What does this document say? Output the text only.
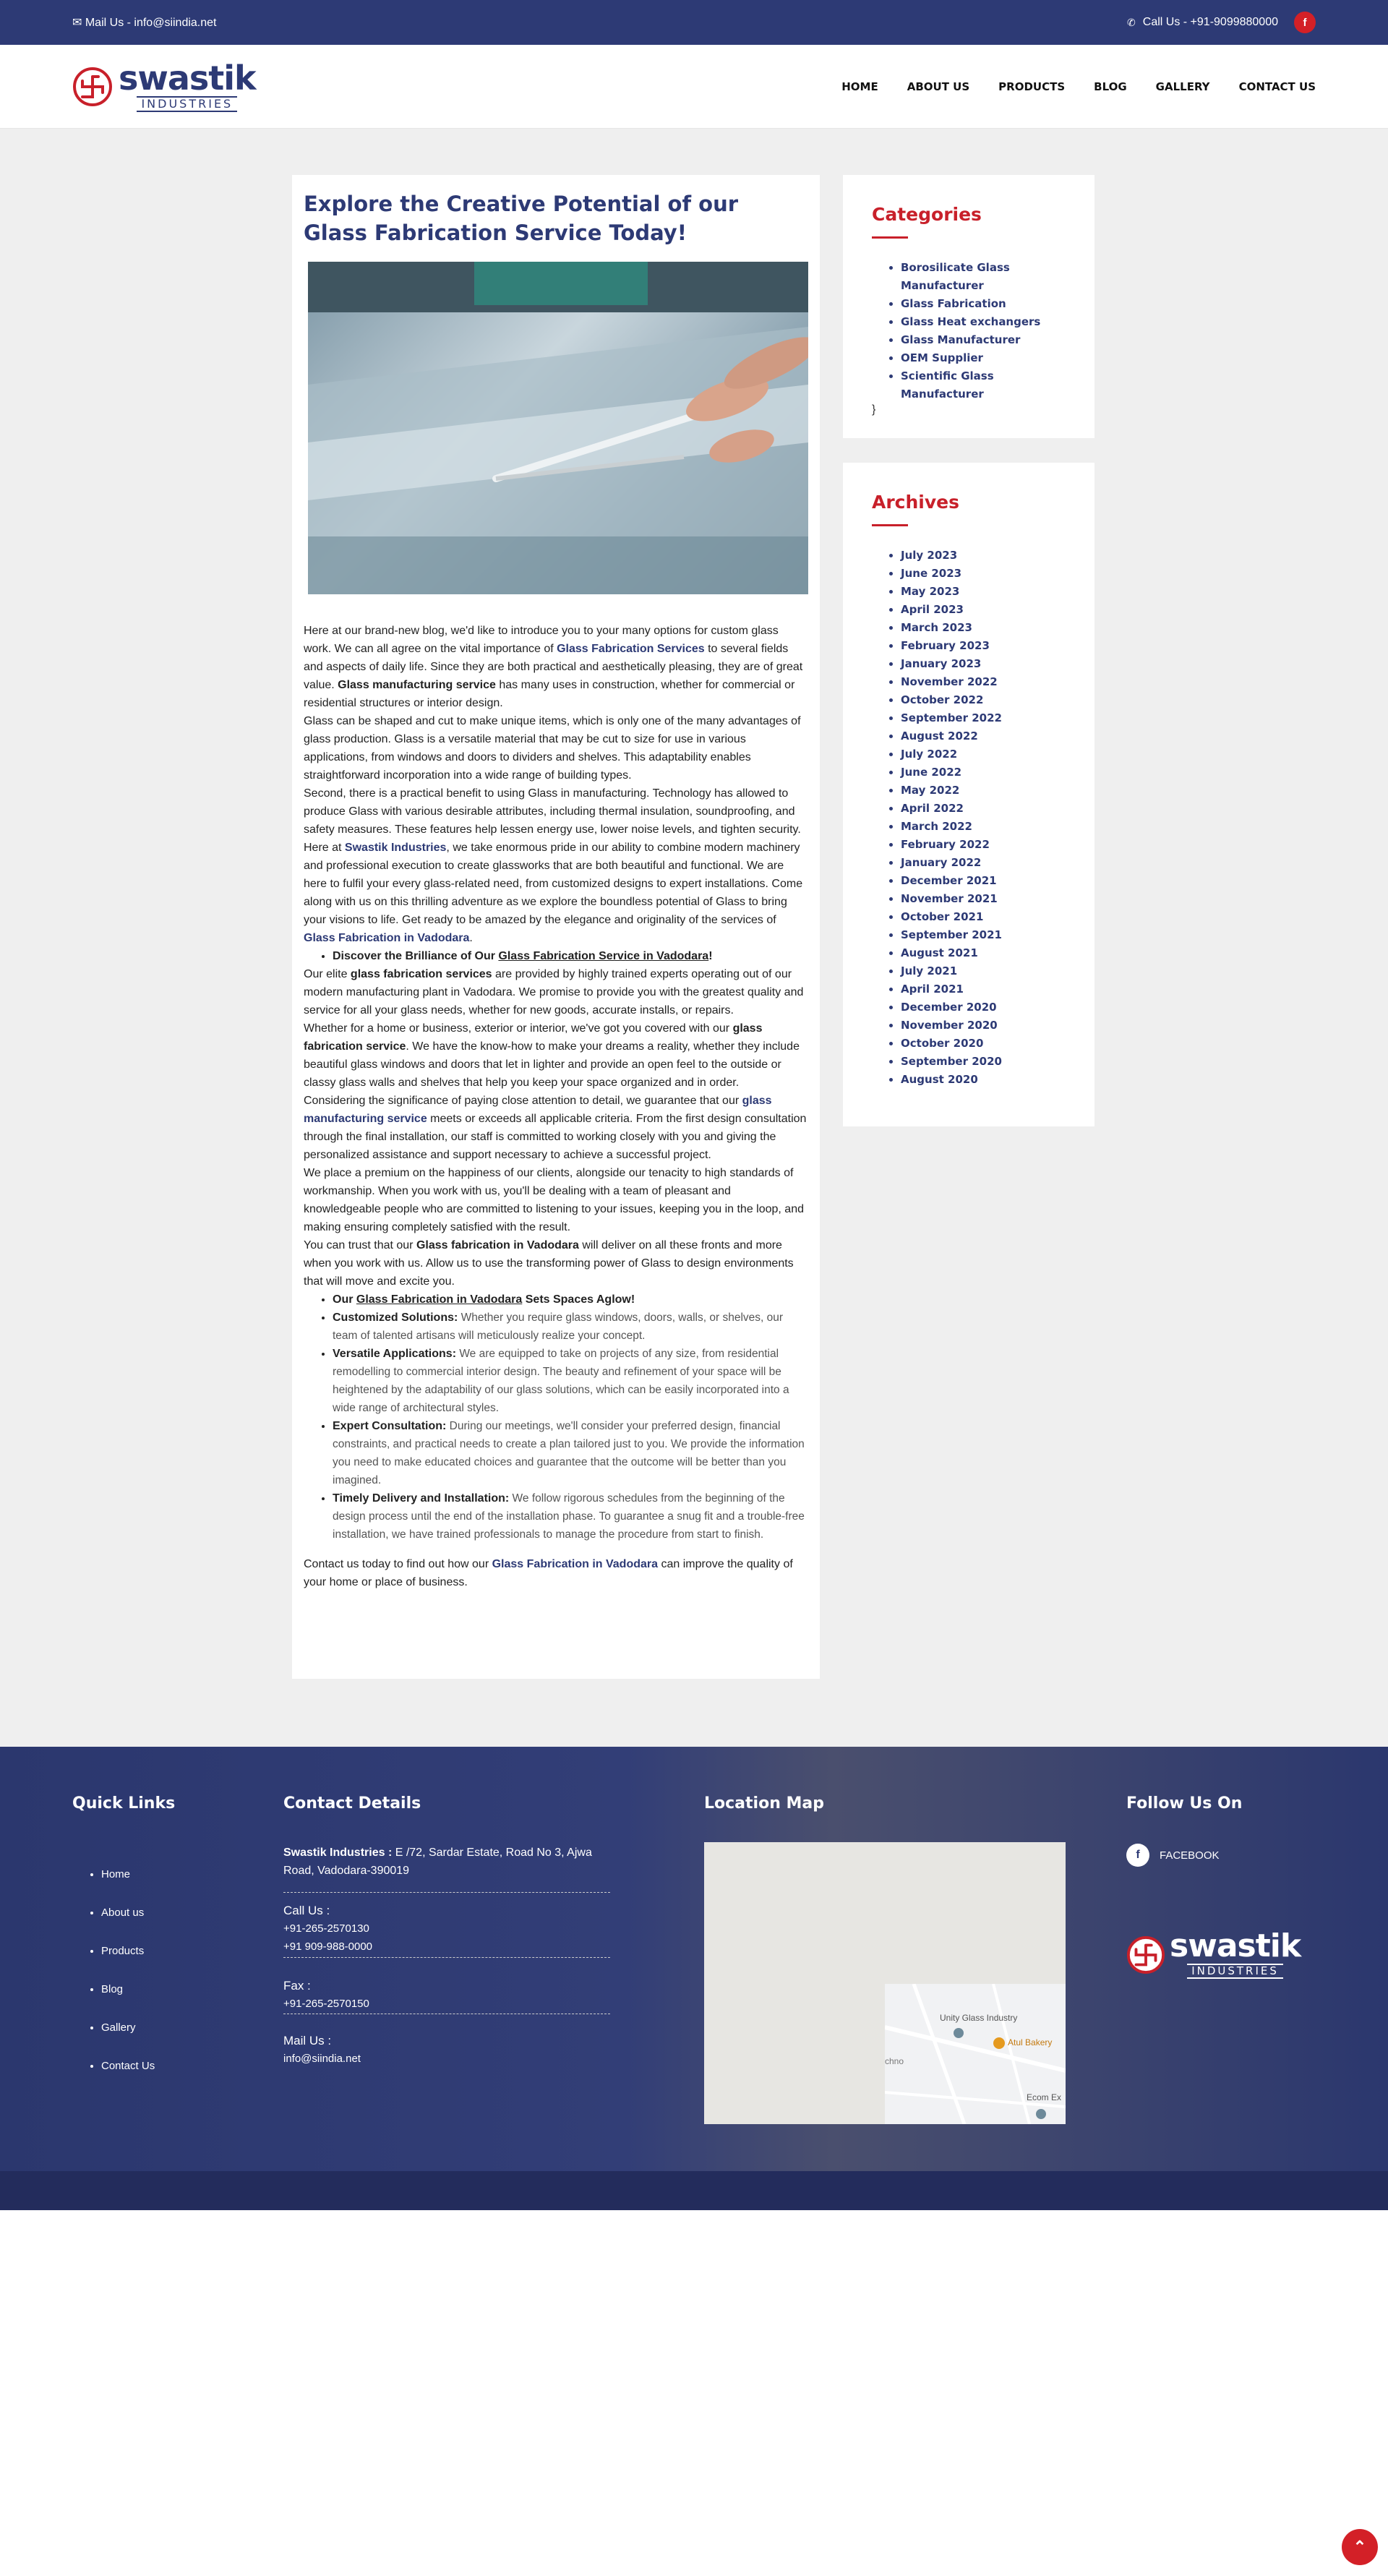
✉ Mail Us - info@siindia.net	✆ Call Us - +91-9099880000	f
swastik
INDUSTRIES
HOME	ABOUT US	PRODUCTS	BLOG	GALLERY	CONTACT US
Explore the Creative Potential of our Glass Fabrication Service Today!

Here at our brand-new blog, we'd like to introduce you to your many options for custom glass work. We can all agree on the vital importance of Glass Fabrication Services to several fields and aspects of daily life. Since they are both practical and aesthetically pleasing, they are of great value. Glass manufacturing service has many uses in construction, whether for commercial or residential structures or interior design.

Glass can be shaped and cut to make unique items, which is only one of the many advantages of glass production. Glass is a versatile material that may be cut to size for use in various applications, from windows and doors to dividers and shelves. This adaptability enables straightforward incorporation into a wide range of building types.

Second, there is a practical benefit to using Glass in manufacturing. Technology has allowed to produce Glass with various desirable attributes, including thermal insulation, soundproofing, and safety measures. These features help lessen energy use, lower noise levels, and tighten security.

Here at Swastik Industries, we take enormous pride in our ability to combine modern machinery and professional execution to create glassworks that are both beautiful and functional. We are here to fulfil your every glass-related need, from customized designs to expert installations. Come along with us on this thrilling adventure as we explore the boundless potential of Glass to bring your visions to life. Get ready to be amazed by the elegance and originality of the services of Glass Fabrication in Vadodara.

• Discover the Brilliance of Our Glass Fabrication Service in Vadodara!

Our elite glass fabrication services are provided by highly trained experts operating out of our modern manufacturing plant in Vadodara. We promise to provide you with the greatest quality and service for all your glass needs, whether for new goods, accurate installs, or repairs.

Whether for a home or business, exterior or interior, we've got you covered with our glass fabrication service. We have the know-how to make your dreams a reality, whether they include beautiful glass windows and doors that let in lighter and provide an open feel to the outside or classy glass walls and shelves that help you keep your space organized and in order.

Considering the significance of paying close attention to detail, we guarantee that our glass manufacturing service meets or exceeds all applicable criteria. From the first design consultation through the final installation, our staff is committed to working closely with you and giving the personalized assistance and support necessary to achieve a successful project.

We place a premium on the happiness of our clients, alongside our tenacity to high standards of workmanship. When you work with us, you'll be dealing with a team of pleasant and knowledgeable people who are committed to listening to your issues, keeping you in the loop, and making ensuring completely satisfied with the result.

You can trust that our Glass fabrication in Vadodara will deliver on all these fronts and more when you work with us. Allow us to use the transforming power of Glass to design environments that will move and excite you.

• Our Glass Fabrication in Vadodara Sets Spaces Aglow!
• Customized Solutions: Whether you require glass windows, doors, walls, or shelves, our team of talented artisans will meticulously realize your concept.
• Versatile Applications: We are equipped to take on projects of any size, from residential remodelling to commercial interior design. The beauty and refinement of your space will be heightened by the adaptability of our glass solutions, which can be easily incorporated into a wide range of architectural styles.
• Expert Consultation: During our meetings, we'll consider your preferred design, financial constraints, and practical needs to create a plan tailored just to you. We provide the information you need to make educated choices and guarantee that the outcome will be better than you imagined.
• Timely Delivery and Installation: We follow rigorous schedules from the beginning of the design process until the end of the installation phase. To guarantee a snug fit and a trouble-free installation, we have trained professionals to manage the procedure from start to finish.

Contact us today to find out how our Glass Fabrication in Vadodara can improve the quality of your home or place of business.

Categories
• Borosilicate Glass Manufacturer
• Glass Fabrication
• Glass Heat exchangers
• Glass Manufacturer
• OEM Supplier
• Scientific Glass Manufacturer
}
Archives
• July 2023
• June 2023
• May 2023
• April 2023
• March 2023
• February 2023
• January 2023
• November 2022
• October 2022
• September 2022
• August 2022
• July 2022
• June 2022
• May 2022
• April 2022
• March 2022
• February 2022
• January 2022
• December 2021
• November 2021
• October 2021
• September 2021
• August 2021
• July 2021
• April 2021
• December 2020
• November 2020
• October 2020
• September 2020
• August 2020
Quick Links
• Home
• About us
• Products
• Blog
• Gallery
• Contact Us
Contact Details
Swastik Industries : E /72, Sardar Estate, Road No 3, Ajwa Road, Vadodara-390019
Call Us :
+91-265-2570130
+91 909-988-0000
Fax :
+91-265-2570150
Mail Us :
info@siindia.net
Location Map
Unity Glass Industry
Atul Bakery
chno
Ecom Ex
Follow Us On
f	FACEBOOK
swastik
INDUSTRIES
⌃
